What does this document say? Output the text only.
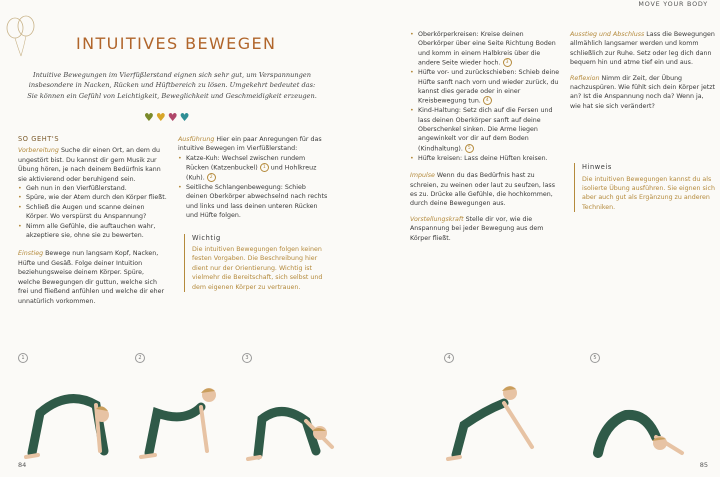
MOVE YOUR BODY
INTUITIVES BEWEGEN
Intuitive Bewegungen im Vierfüßlerstand eignen sich sehr gut, um Verspannungen insbesondere in Nacken, Rücken und Hüftbereich zu lösen. Umgekehrt bedeutet das: Sie können ein Gefühl von Leichtigkeit, Beweglichkeit und Geschmeidigkeit erzeugen.
♥♥♥♥

SO GEHT'S

Vorbereitung Suche dir einen Ort, an dem du ungestört bist. Du kannst dir gern Musik zur Übung hören, je nach deinem Bedürfnis kann sie aktivierend oder beruhigend sein.

• Geh nun in den Vierfüßlerstand.
• Spüre, wie der Atem durch den Körper fließt.
• Schließ die Augen und scanne deinen Körper. Wo verspürst du Anspannung?
• Nimm alle Gefühle, die auftauchen wahr, akzeptiere sie, ohne sie zu bewerten.

Einstieg Bewege nun langsam Kopf, Nacken, Hüfte und Gesäß. Folge deiner Intuition beziehungsweise deinem Körper. Spüre, welche Bewegungen dir guttun, welche sich frei und fließend anfühlen und welche dir eher unnatürlich vorkommen.

Ausführung Hier ein paar Anregungen für das intuitive Bewegen im Vierfüßlerstand:

• Katze-Kuh: Wechsel zwischen rundem Rücken (Katzenbuckel) 1 und Hohlkreuz (Kuh). 2
• Seitliche Schlangenbewegung: Schieb deinen Oberkörper abwechselnd nach rechts und links und lass deinen unteren Rücken und Hüfte folgen.

Wichtig

Die intuitiven Bewegungen folgen keinen festen Vorgaben. Die Beschreibung hier dient nur der Orientierung. Wichtig ist vielmehr die Bereitschaft, sich selbst und dem eigenen Körper zu vertrauen.

• Oberkörperkreisen: Kreise deinen Oberkörper über eine Seite Richtung Boden und komm in einem Halbkreis über die andere Seite wieder hoch. 3
• Hüfte vor- und zurückschieben: Schieb deine Hüfte sanft nach vorn und wieder zurück, du kannst dies gerade oder in einer Kreisbewegung tun. 4
• Kind-Haltung: Setz dich auf die Fersen und lass deinen Oberkörper sanft auf deine Oberschenkel sinken. Die Arme liegen angewinkelt vor dir auf dem Boden (Kindhaltung). 5
• Hüfte kreisen: Lass deine Hüften kreisen.

Impulse Wenn du das Bedürfnis hast zu schreien, zu weinen oder laut zu seufzen, lass es zu. Drücke alle Gefühle, die hochkommen, durch deine Bewegungen aus.

Vorstellungskraft Stelle dir vor, wie die Anspannung bei jeder Bewegung aus dem Körper fließt.

Ausstieg und Abschluss Lass die Bewegungen allmählich langsamer werden und komm schließlich zur Ruhe. Setz oder leg dich dann bequem hin und atme tief ein und aus.

Reflexion Nimm dir Zeit, der Übung nachzuspüren. Wie fühlt sich dein Körper jetzt an? Ist die Anspannung noch da? Wenn ja, wie hat sie sich verändert?

Hinweis

Die intuitiven Bewegungen kannst du als isolierte Übung ausführen. Sie eignen sich aber auch gut als Ergänzung zu anderen Techniken.

1	2	3	4	5
84	85
